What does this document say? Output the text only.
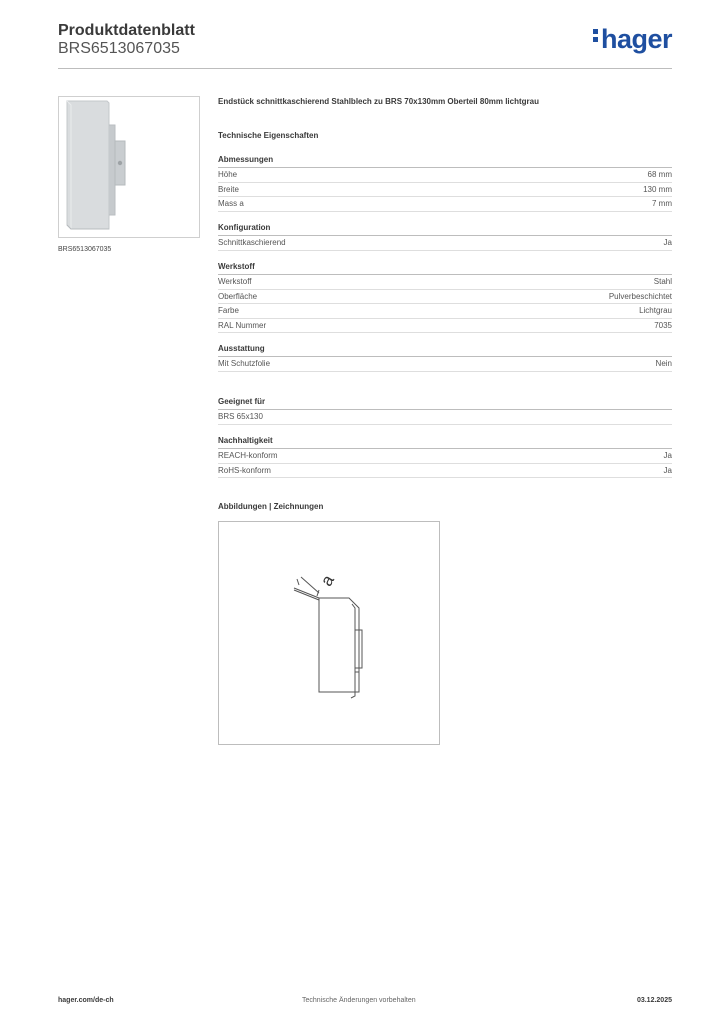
Produktdatenblatt
BRS6513067035	hager
BRS6513067035
Endstück schnittkaschierend Stahlblech zu BRS 70x130mm Oberteil 80mm lichtgrau
Technische Eigenschaften
Abmessungen
Höhe	68 mm
Breite	130 mm
Mass a	7 mm
Konfiguration
Schnittkaschierend	Ja
Werkstoff
Werkstoff	Stahl
Oberfläche	Pulverbeschichtet
Farbe	Lichtgrau
RAL Nummer	7035
Ausstattung
Mit Schutzfolie	Nein
Geeignet für
BRS 65x130
Nachhaltigkeit
REACH-konform	Ja
RoHS-konform	Ja
Abbildungen | Zeichnungen
a
hager.com/de-ch	Technische Änderungen vorbehalten	03.12.2025
